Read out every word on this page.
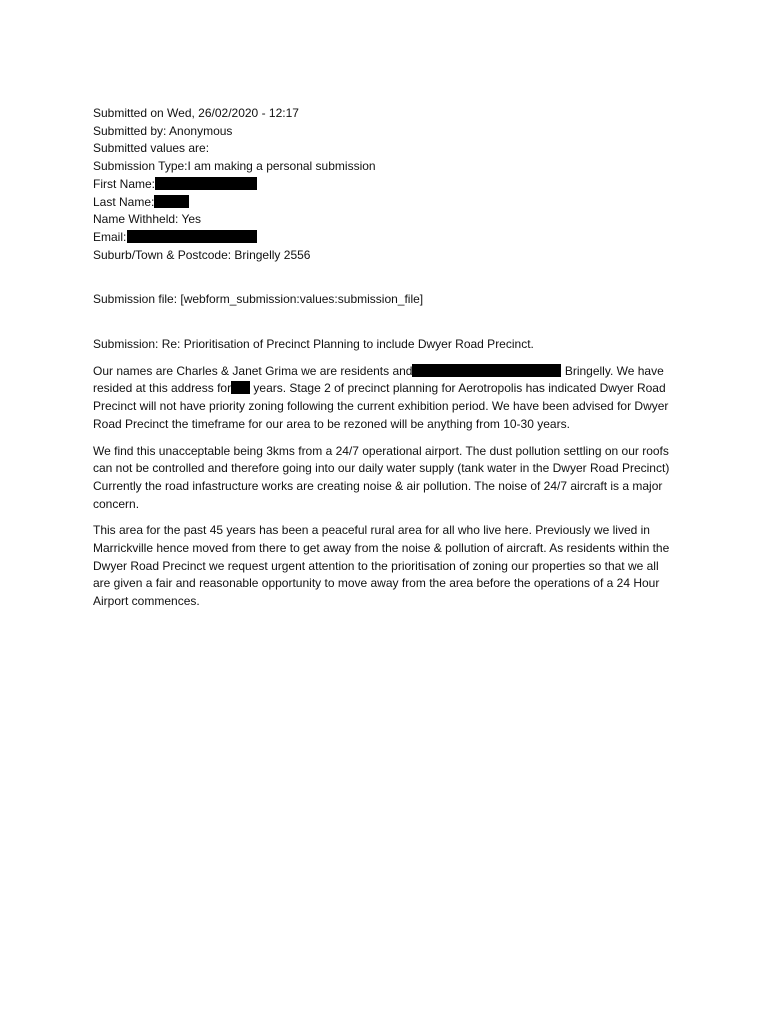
Submitted on Wed, 26/02/2020 - 12:17
Submitted by: Anonymous
Submitted values are:
Submission Type:I am making a personal submission
First Name:
Last Name:
Name Withheld: Yes
Email:
Suburb/Town & Postcode: Bringelly 2556
Submission file: [webform_submission:values:submission_file]
Submission: Re: Prioritisation of Precinct Planning to include Dwyer Road Precinct.
Our names are Charles & Janet Grima we are residents and	Bringelly. We have resided at this address for years. Stage 2 of precinct planning for Aerotropolis has indicated Dwyer Road Precinct will not have priority zoning following the current exhibition period. We have been advised for Dwyer Road Precinct the timeframe for our area to be rezoned will be anything from 10-30 years.
We find this unacceptable being 3kms from a 24/7 operational airport. The dust pollution settling on our roofs can not be controlled and therefore going into our daily water supply (tank water in the Dwyer Road Precinct) Currently the road infastructure works are creating noise & air pollution. The noise of 24/7 aircraft is a major concern.
This area for the past 45 years has been a peaceful rural area for all who live here. Previously we lived in Marrickville hence moved from there to get away from the noise & pollution of aircraft. As residents within the Dwyer Road Precinct we request urgent attention to the prioritisation of zoning our properties so that we all are given a fair and reasonable opportunity to move away from the area before the operations of a 24 Hour Airport commences.
